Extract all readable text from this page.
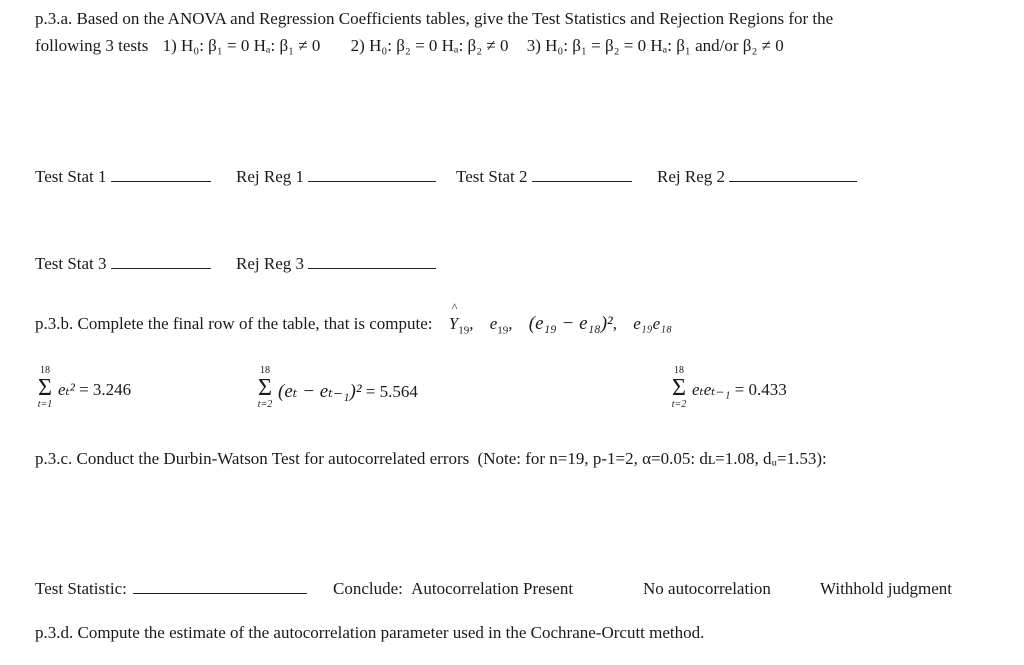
p.3.a. Based on the ANOVA and Regression Coefficients tables, give the Test Statistics and Rejection Regions for the
following 3 tests 1) H₀: β₁ = 0 Hₐ: β₁ ≠ 0 2) H₀: β₂ = 0 Hₐ: β₂ ≠ 0 3) H₀: β₁ = β₂ = 0 Hₐ: β₁ and/or β₂ ≠ 0
Test Stat 1	Rej Reg 1	Test Stat 2	Rej Reg 2
Test Stat 3	Rej Reg 3
p.3.b. Complete the final row of the table, that is compute:
^
$Y_{19}$, $e_{19}$, (e₁₉ − e₁₈)², e₁₉e₁₈
18
Σ
t=1
eₜ² = 3.246
18
Σ
t=2
(eₜ − eₜ₋₁)² = 5.564
18
Σ
t=2
eₜeₜ₋₁ = 0.433
p.3.c. Conduct the Durbin-Watson Test for autocorrelated errors (Note: for n=19, p-1=2, α=0.05: dʟ=1.08, dᵤ=1.53):
Test Statistic:	Conclude: Autocorrelation Present	No autocorrelation	Withhold judgment
p.3.d. Compute the estimate of the autocorrelation parameter used in the Cochrane-Orcutt method.
